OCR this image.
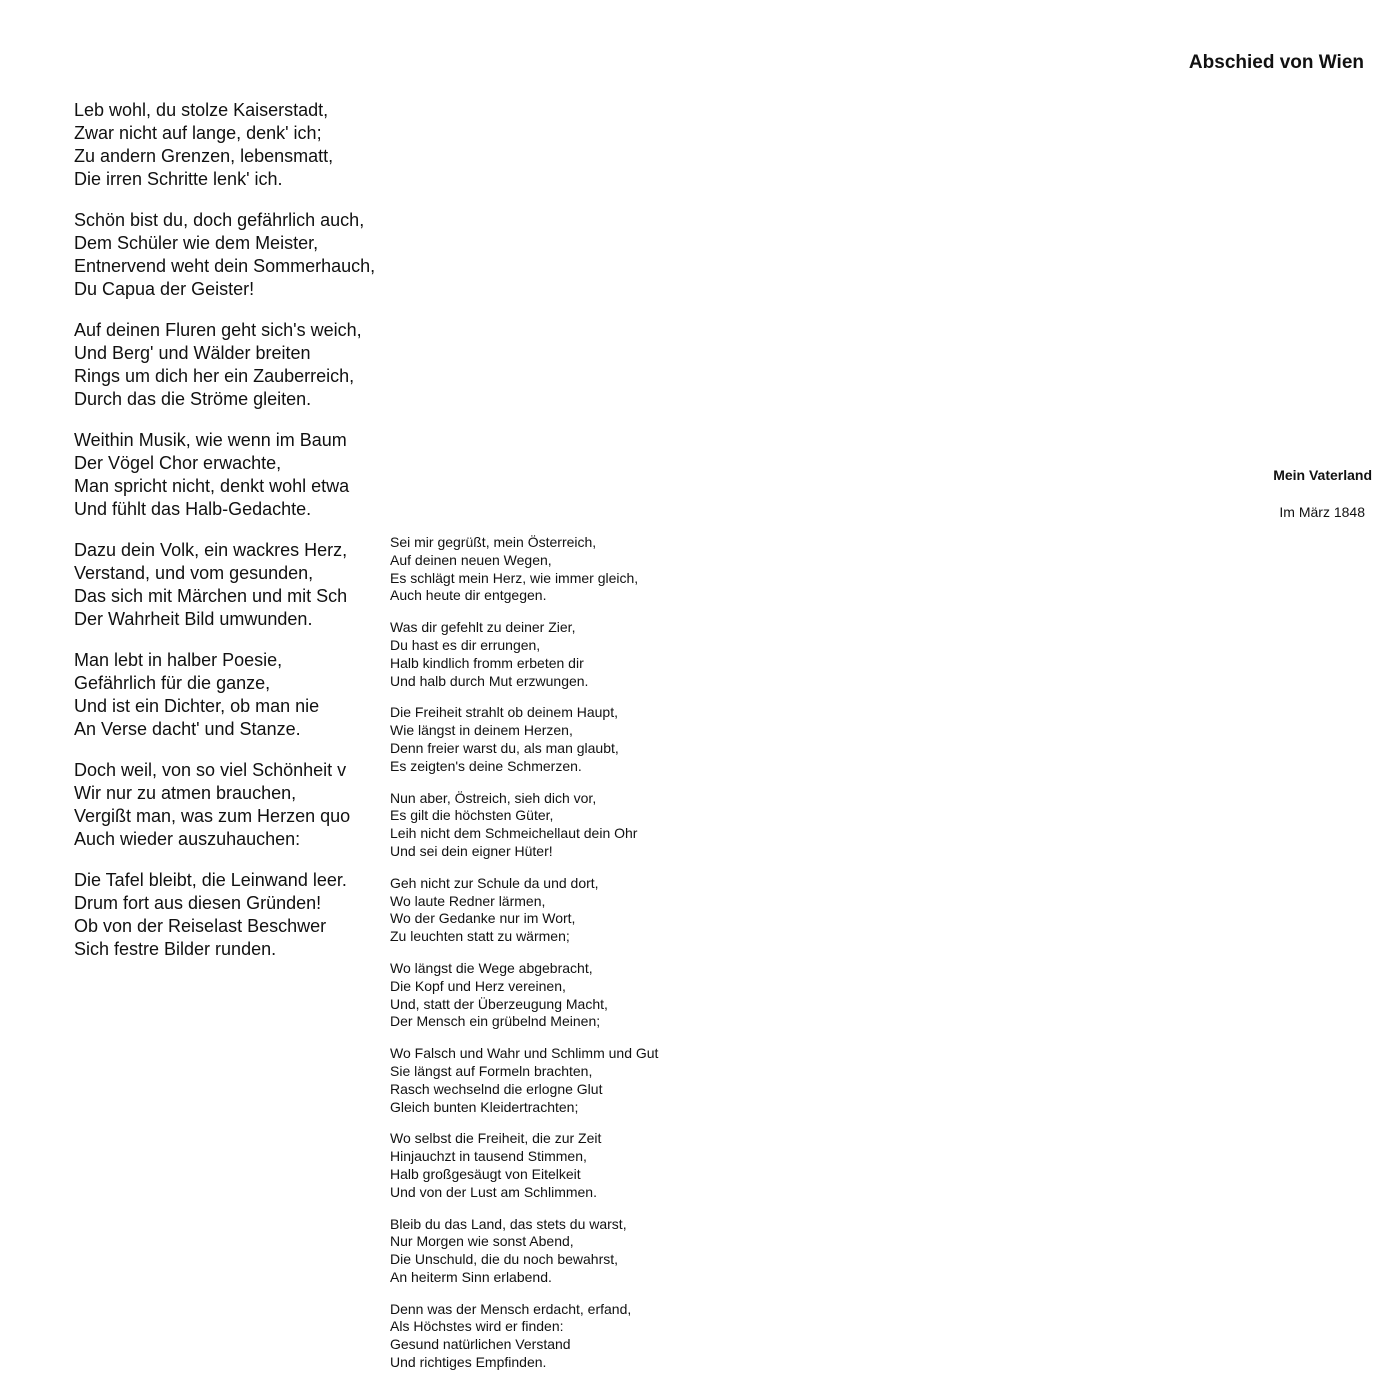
Abschied von Wien
Mein Vaterland

Im März 1848

Leb wohl, du stolze Kaiserstadt,
Zwar nicht auf lange, denk' ich;
Zu andern Grenzen, lebensmatt,
Die irren Schritte lenk' ich.
Schön bist du, doch gefährlich auch,
Dem Schüler wie dem Meister,
Entnervend weht dein Sommerhauch,
Du Capua der Geister!
Auf deinen Fluren geht sich's weich,
Und Berg' und Wälder breiten
Rings um dich her ein Zauberreich,
Durch das die Ströme gleiten.
Weithin Musik, wie wenn im Baum
Der Vögel Chor erwachte,
Man spricht nicht, denkt wohl etwa
Und fühlt das Halb-Gedachte.
Dazu dein Volk, ein wackres Herz,
Verstand, und vom gesunden,
Das sich mit Märchen und mit Sch
Der Wahrheit Bild umwunden.
Man lebt in halber Poesie,
Gefährlich für die ganze,
Und ist ein Dichter, ob man nie
An Verse dacht' und Stanze.
Doch weil, von so viel Schönheit v
Wir nur zu atmen brauchen,
Vergißt man, was zum Herzen quo
Auch wieder auszuhauchen:
Die Tafel bleibt, die Leinwand leer.
Drum fort aus diesen Gründen!
Ob von der Reiselast Beschwer
Sich festre Bilder runden.
Sei mir gegrüßt, mein Österreich,
Auf deinen neuen Wegen,
Es schlägt mein Herz, wie immer gleich,
Auch heute dir entgegen.
Was dir gefehlt zu deiner Zier,
Du hast es dir errungen,
Halb kindlich fromm erbeten dir
Und halb durch Mut erzwungen.
Die Freiheit strahlt ob deinem Haupt,
Wie längst in deinem Herzen,
Denn freier warst du, als man glaubt,
Es zeigten's deine Schmerzen.
Nun aber, Östreich, sieh dich vor,
Es gilt die höchsten Güter,
Leih nicht dem Schmeichellaut dein Ohr
Und sei dein eigner Hüter!
Geh nicht zur Schule da und dort,
Wo laute Redner lärmen,
Wo der Gedanke nur im Wort,
Zu leuchten statt zu wärmen;
Wo längst die Wege abgebracht,
Die Kopf und Herz vereinen,
Und, statt der Überzeugung Macht,
Der Mensch ein grübelnd Meinen;
Wo Falsch und Wahr und Schlimm und Gut
Sie längst auf Formeln brachten,
Rasch wechselnd die erlogne Glut
Gleich bunten Kleidertrachten;
Wo selbst die Freiheit, die zur Zeit
Hinjauchzt in tausend Stimmen,
Halb großgesäugt von Eitelkeit
Und von der Lust am Schlimmen.
Bleib du das Land, das stets du warst,
Nur Morgen wie sonst Abend,
Die Unschuld, die du noch bewahrst,
An heiterm Sinn erlabend.
Denn was der Mensch erdacht, erfand,
Als Höchstes wird er finden:
Gesund natürlichen Verstand
Und richtiges Empfinden.
